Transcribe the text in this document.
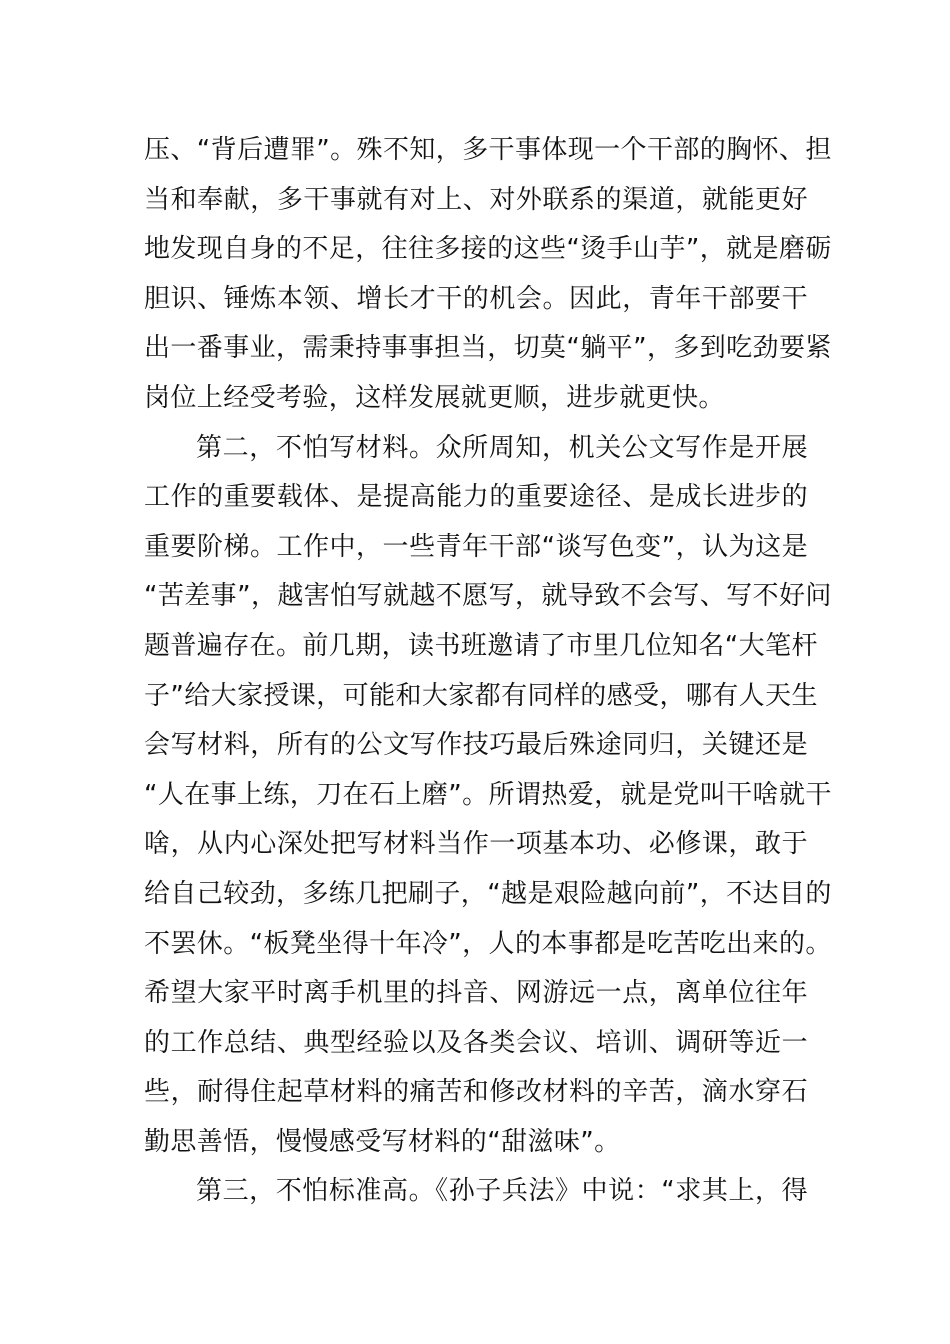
压、“背后遭罪”。殊不知，多干事体现一个干部的胸怀、担
当和奉献，多干事就有对上、对外联系的渠道，就能更好
地发现自身的不足，往往多接的这些“烫手山芋”，就是磨砺
胆识、锤炼本领、增长才干的机会。因此，青年干部要干
出一番事业，需秉持事事担当，切莫“躺平”，多到吃劲要紧
岗位上经受考验，这样发展就更顺，进步就更快。
第二，不怕写材料。众所周知，机关公文写作是开展
工作的重要载体、是提高能力的重要途径、是成长进步的
重要阶梯。工作中，一些青年干部“谈写色变”，认为这是
“苦差事”，越害怕写就越不愿写，就导致不会写、写不好问
题普遍存在。前几期，读书班邀请了市里几位知名“大笔杆
子”给大家授课，可能和大家都有同样的感受，哪有人天生
会写材料，所有的公文写作技巧最后殊途同归，关键还是
“人在事上练，刀在石上磨”。所谓热爱，就是党叫干啥就干
啥，从内心深处把写材料当作一项基本功、必修课，敢于
给自己较劲，多练几把刷子，“越是艰险越向前”，不达目的
不罢休。“板凳坐得十年冷”，人的本事都是吃苦吃出来的。
希望大家平时离手机里的抖音、网游远一点，离单位往年
的工作总结、典型经验以及各类会议、培训、调研等近一
些，耐得住起草材料的痛苦和修改材料的辛苦，滴水穿石
勤思善悟，慢慢感受写材料的“甜滋味”。
第三，不怕标准高。《孙子兵法》中说：“求其上，得
